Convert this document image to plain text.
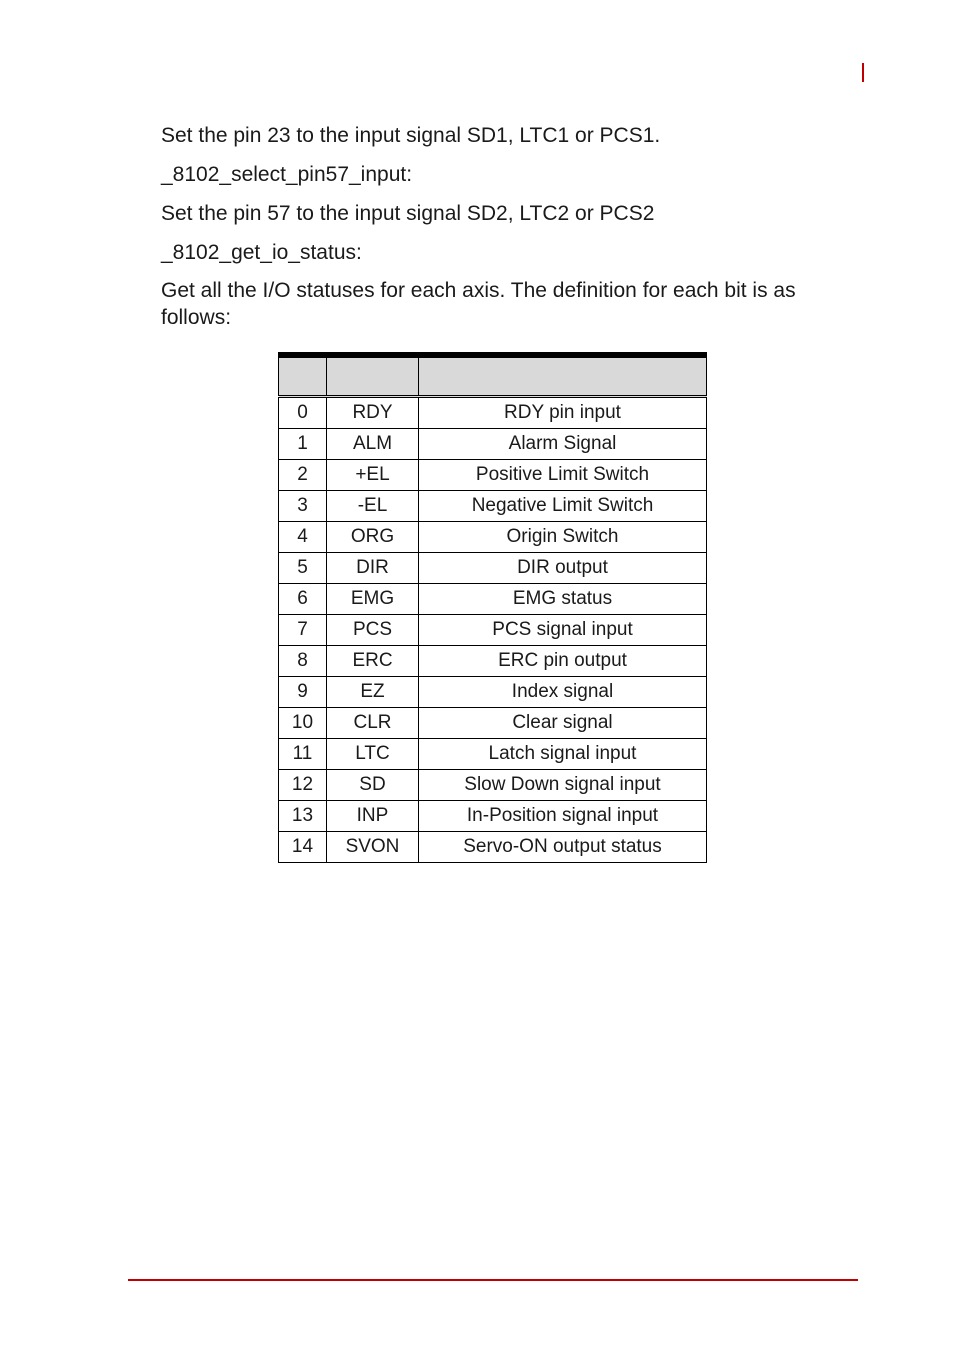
Set the pin 23 to the input signal SD1, LTC1 or PCS1.

_8102_select_pin57_input:

Set the pin 57 to the input signal SD2, LTC2 or PCS2

_8102_get_io_status:

Get all the I/O statuses for each axis. The definition for each bit is as follows:

0	RDY	RDY pin input
1	ALM	Alarm Signal
2	+EL	Positive Limit Switch
3	-EL	Negative Limit Switch
4	ORG	Origin Switch
5	DIR	DIR output
6	EMG	EMG status
7	PCS	PCS signal input
8	ERC	ERC pin output
9	EZ	Index signal
10	CLR	Clear signal
11	LTC	Latch signal input
12	SD	Slow Down signal input
13	INP	In-Position signal input
14	SVON	Servo-ON output status
